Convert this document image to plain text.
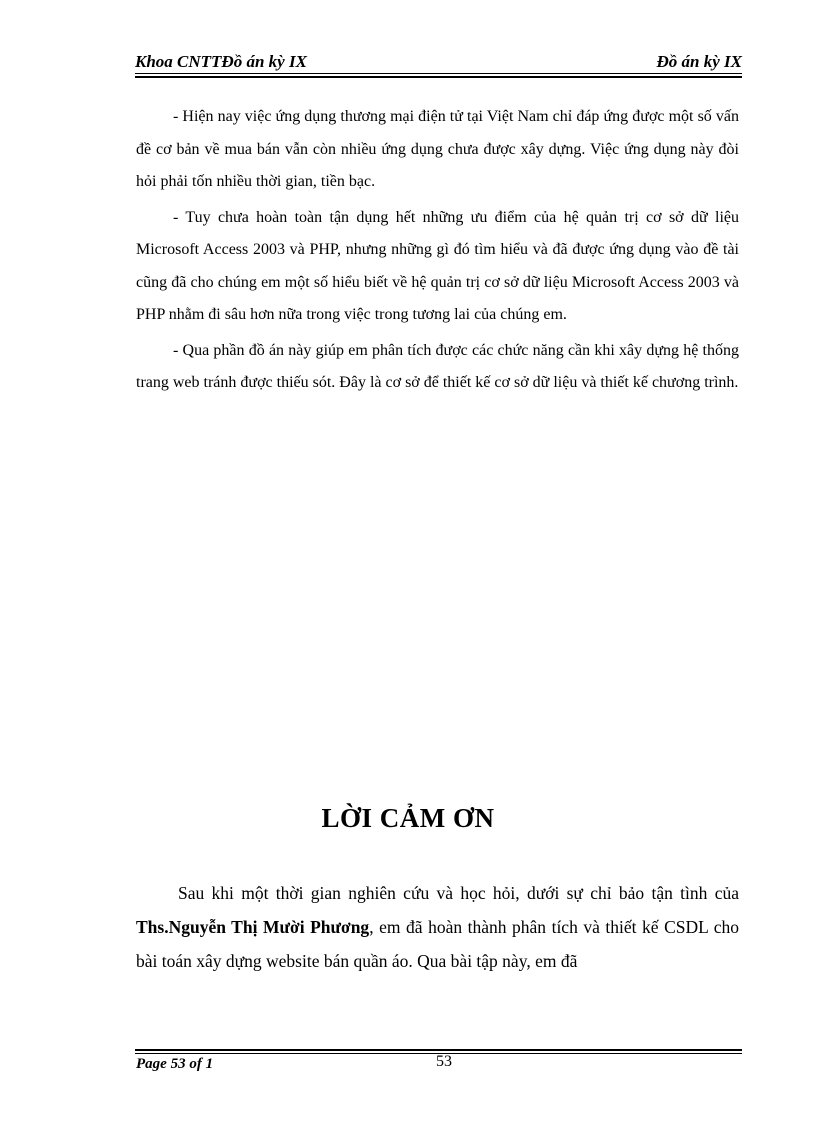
Khoa CNTTĐồ án kỳ IX	Đồ án kỳ IX

- Hiện nay việc ứng dụng thương mại điện tử tại Việt Nam chỉ đáp ứng được một số vấn đề cơ bản về mua bán vẫn còn nhiều ứng dụng chưa được xây dựng. Việc ứng dụng này đòi hỏi phải tốn nhiều thời gian, tiền bạc.

- Tuy chưa hoàn toàn tận dụng hết những ưu điểm của hệ quản trị cơ sở dữ liệu Microsoft Access 2003 và PHP, nhưng những gì đó tìm hiểu và đã được ứng dụng vào đề tài cũng đã cho chúng em một số hiểu biết về hệ quản trị cơ sở dữ liệu Microsoft Access 2003 và PHP nhằm đi sâu hơn nữa trong việc trong tương lai của chúng em.

- Qua phần đồ án này giúp em phân tích được các chức năng cần khi xây dựng hệ thống trang web tránh được thiếu sót. Đây là cơ sở để thiết kế cơ sở dữ liệu và thiết kế chương trình.

LỜI CẢM ƠN

Sau khi một thời gian nghiên cứu và học hỏi, dưới sự chỉ bảo tận tình của Ths.Nguyễn Thị Mười Phương, em đã hoàn thành phân tích và thiết kế CSDL cho bài toán xây dựng website bán quần áo. Qua bài tập này, em đã

Page 53 of 1	53
